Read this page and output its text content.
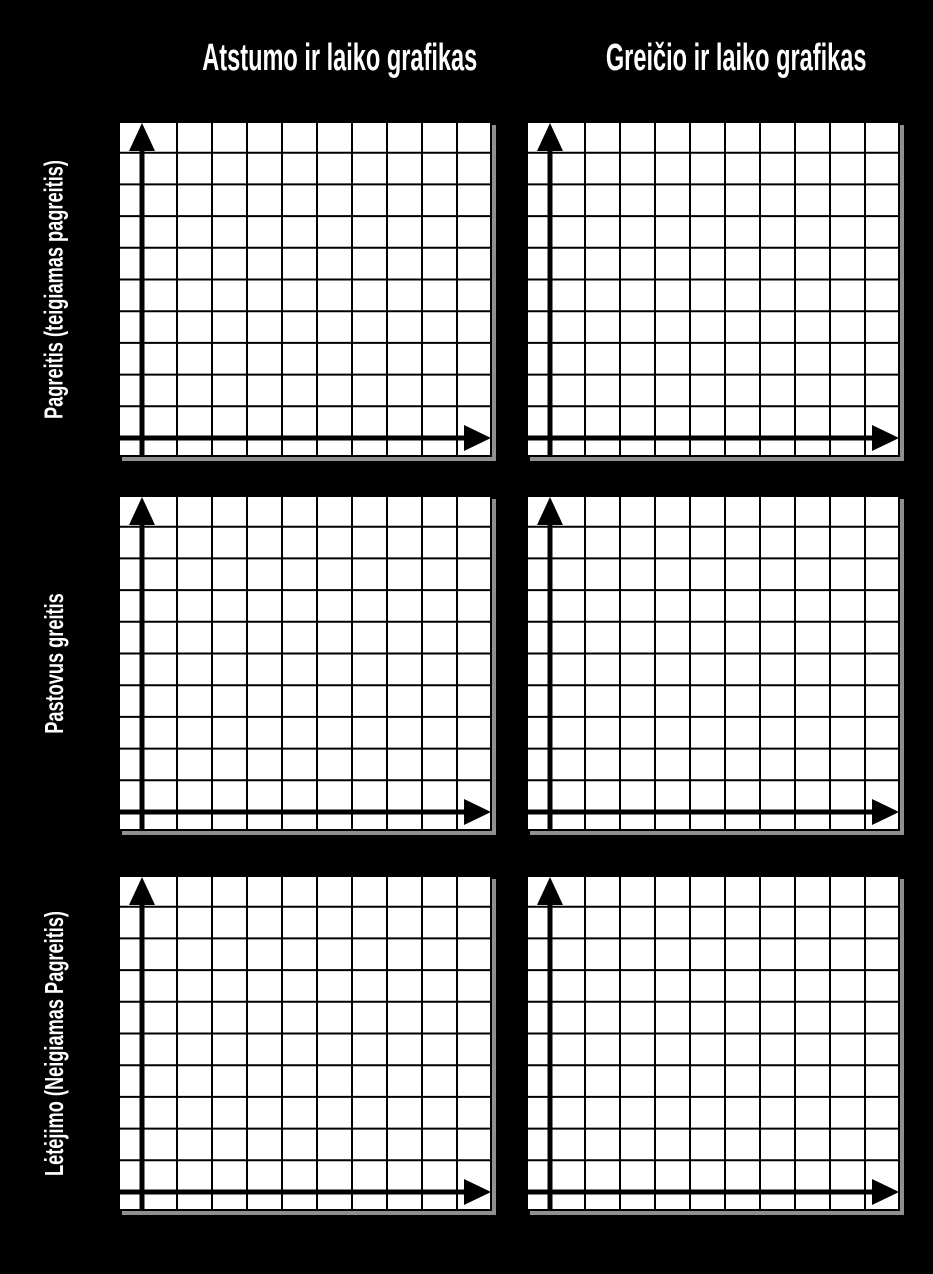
Atstumo ir laiko grafikas	Greičio ir laiko grafikas
Pagreitis (teigiamas pagreitis)
Pastovus greitis
Lėtėjimo (Neigiamas Pagreitis)
